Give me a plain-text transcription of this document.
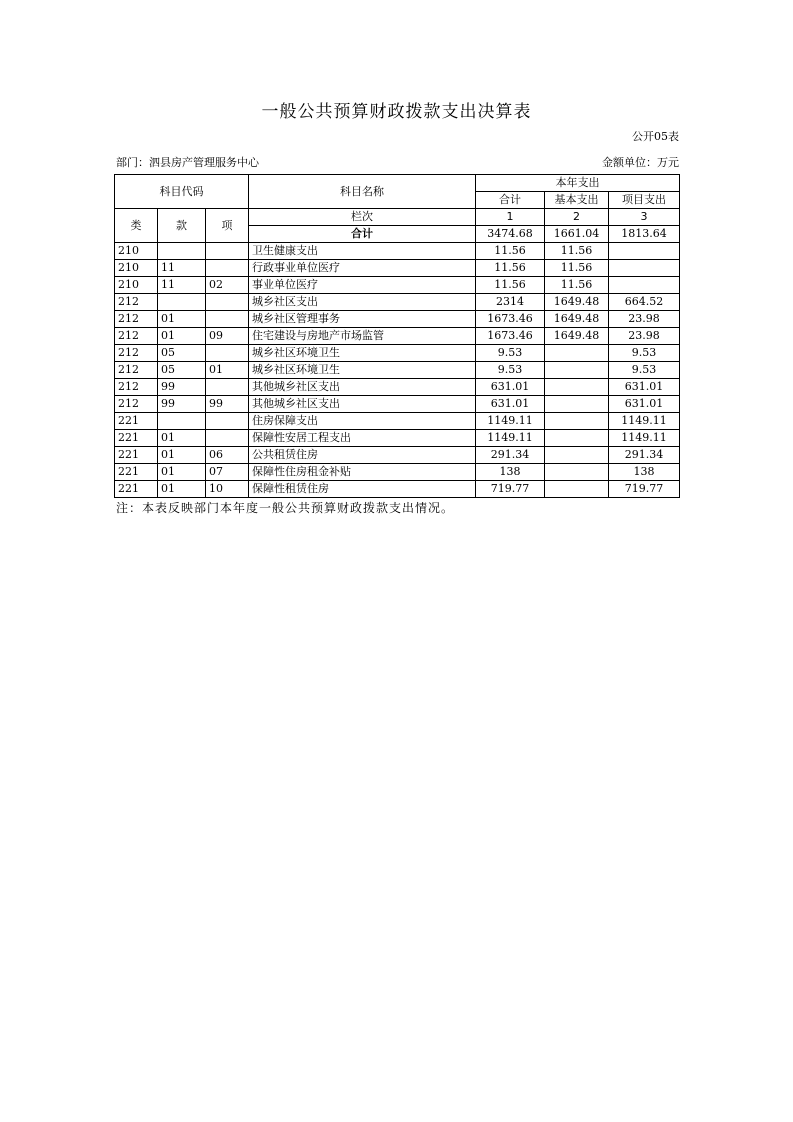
一般公共预算财政拨款支出决算表
公开05表
部门：泗县房产管理服务中心	金额单位：万元
科目代码			科目名称	本年支出		
				合计	基本支出	项目支出
类	款	项	栏次	1	2	3
			合计	3474.68	1661.04	1813.64
210			卫生健康支出	11.56	11.56	
210	11		行政事业单位医疗	11.56	11.56	
210	11	02	事业单位医疗	11.56	11.56	
212			城乡社区支出	2314	1649.48	664.52
212	01		城乡社区管理事务	1673.46	1649.48	23.98
212	01	09	住宅建设与房地产市场监管	1673.46	1649.48	23.98
212	05		城乡社区环境卫生	9.53		9.53
212	05	01	城乡社区环境卫生	9.53		9.53
212	99		其他城乡社区支出	631.01		631.01
212	99	99	其他城乡社区支出	631.01		631.01
221			住房保障支出	1149.11		1149.11
221	01		保障性安居工程支出	1149.11		1149.11
221	01	06	公共租赁住房	291.34		291.34
221	01	07	保障性住房租金补贴	138		138
221	01	10	保障性租赁住房	719.77		719.77
注：本表反映部门本年度一般公共预算财政拨款支出情况。
